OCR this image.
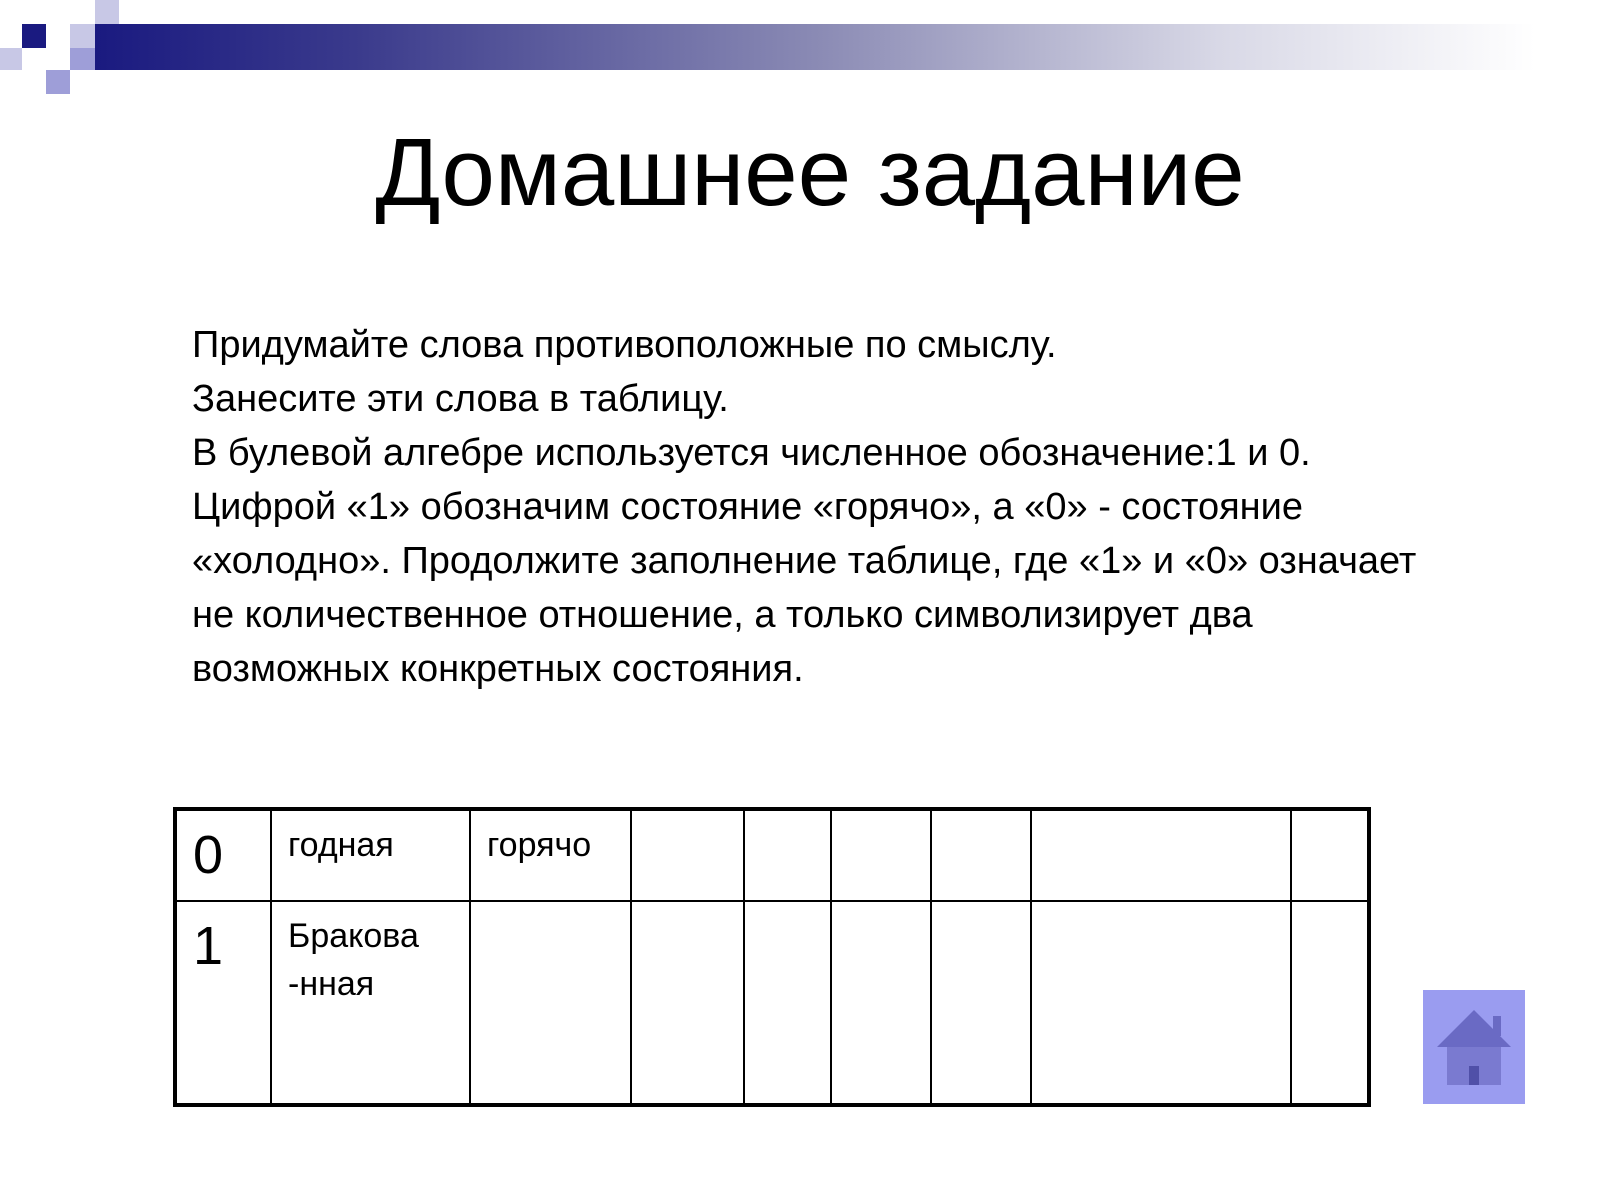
Домашнее задание

Придумайте слова противоположные по смыслу.

Занесите эти слова в таблицу.

В булевой алгебре используется численное обозначение:1 и 0. Цифрой «1» обозначим состояние «горячо», а «0» - состояние «холодно». Продолжите заполнение таблице, где «1» и «0» означает не количественное отношение, а только символизирует два возможных конкретных состояния.

0	годная	горячо						
1	Бракова
-нная							
